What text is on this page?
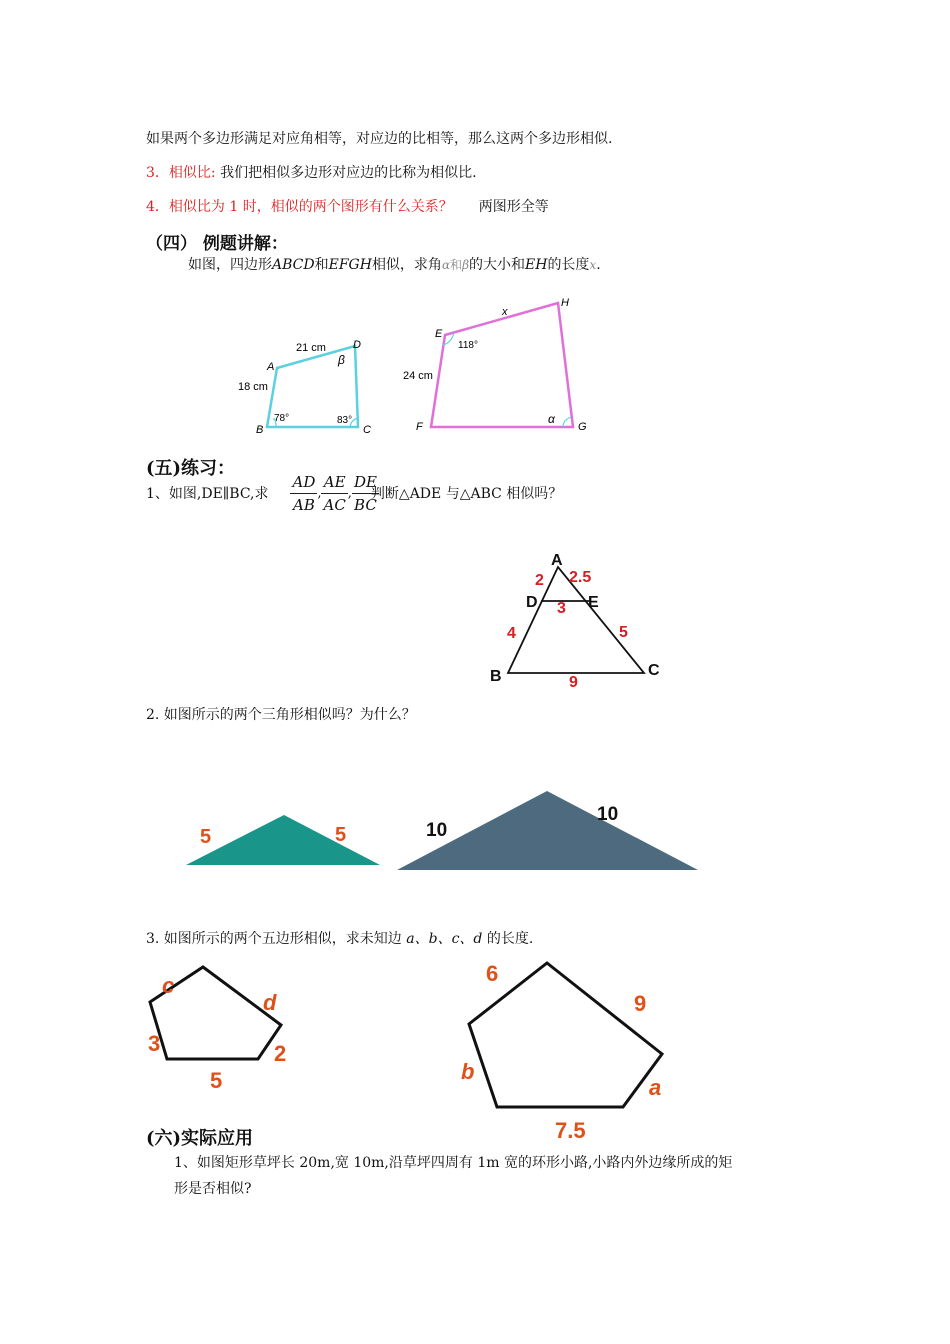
如果两个多边形满足对应角相等，对应边的比相等，那么这两个多边形相似.
3．相似比: 我们把相似多边形对应边的比称为相似比.
4．相似比为 1 时，相似的两个图形有什么关系？ 两图形全等
（四） 例题讲解：
如图，四边形ABCD和EFGH相似，求角α和β的大小和EH的长度x.
A
B	C
D
21 cm
18 cm
78°	83°
β
E
F	G
H
x
24 cm
118°
α
(五)练习：
1、如图,DE∥BC,求 $\frac{AD}{AB}$ , $\frac{AE}{AC}$ , $\frac{DE}{BC}$
判断△ADE 与△ABC 相似吗？
A
B	C
D	E
2 2.5
3
4	5
9
2. 如图所示的两个三角形相似吗？为什么？
5	5	10
10
3. 如图所示的两个五边形相似，求未知边 a、b、c、d 的长度.
c
d
3	2
5
6
9
b
a
7.5
(六)实际应用
1、如图矩形草坪长 20m,宽 10m,沿草坪四周有 1m 宽的环形小路,小路内外边缘所成的矩
形是否相似?
